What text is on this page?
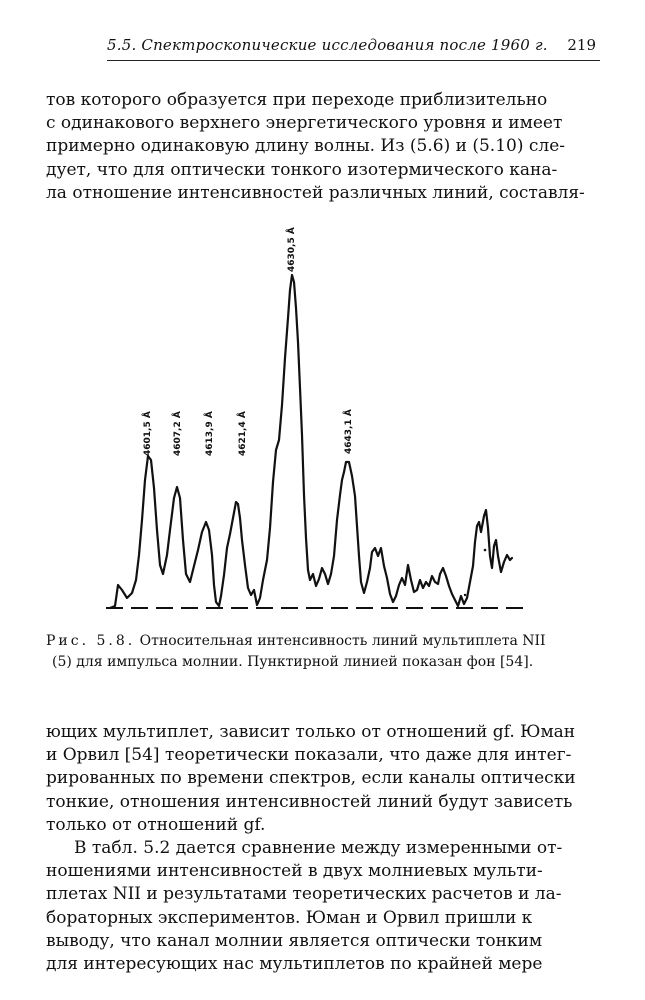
5.5. Спектроскопические исследования после 1960 г. 219
тов которого образуется при переходе приблизительно
с одинакового верхнего энергетического уровня и имеет
примерно одинаковую длину волны. Из (5.6) и (5.10) сле-
дует, что для оптически тонкого изотермического кана-
ла отношение интенсивностей различных линий, составля-
4601,5 Å 4607,2 Å 4613,9 Å	4621,4 Å
4630,5 Å
4643,1 Å
Рис. 5.8. Относительная интенсивность линий мультиплета NII
(5) для импульса молнии. Пунктирной линией показан фон [54].
ющих мультиплет, зависит только от отношений gf. Юман
и Орвил [54] теоретически показали, что даже для интег-
рированных по времени спектров, если каналы оптически
тонкие, отношения интенсивностей линий будут зависеть
только от отношений gf.
В табл. 5.2 дается сравнение между измеренными от-
ношениями интенсивностей в двух молниевых мульти-
плетах NII и результатами теоретических расчетов и ла-
бораторных экспериментов. Юман и Орвил пришли к
выводу, что канал молнии является оптически тонким
для интересующих нас мультиплетов по крайней мере
